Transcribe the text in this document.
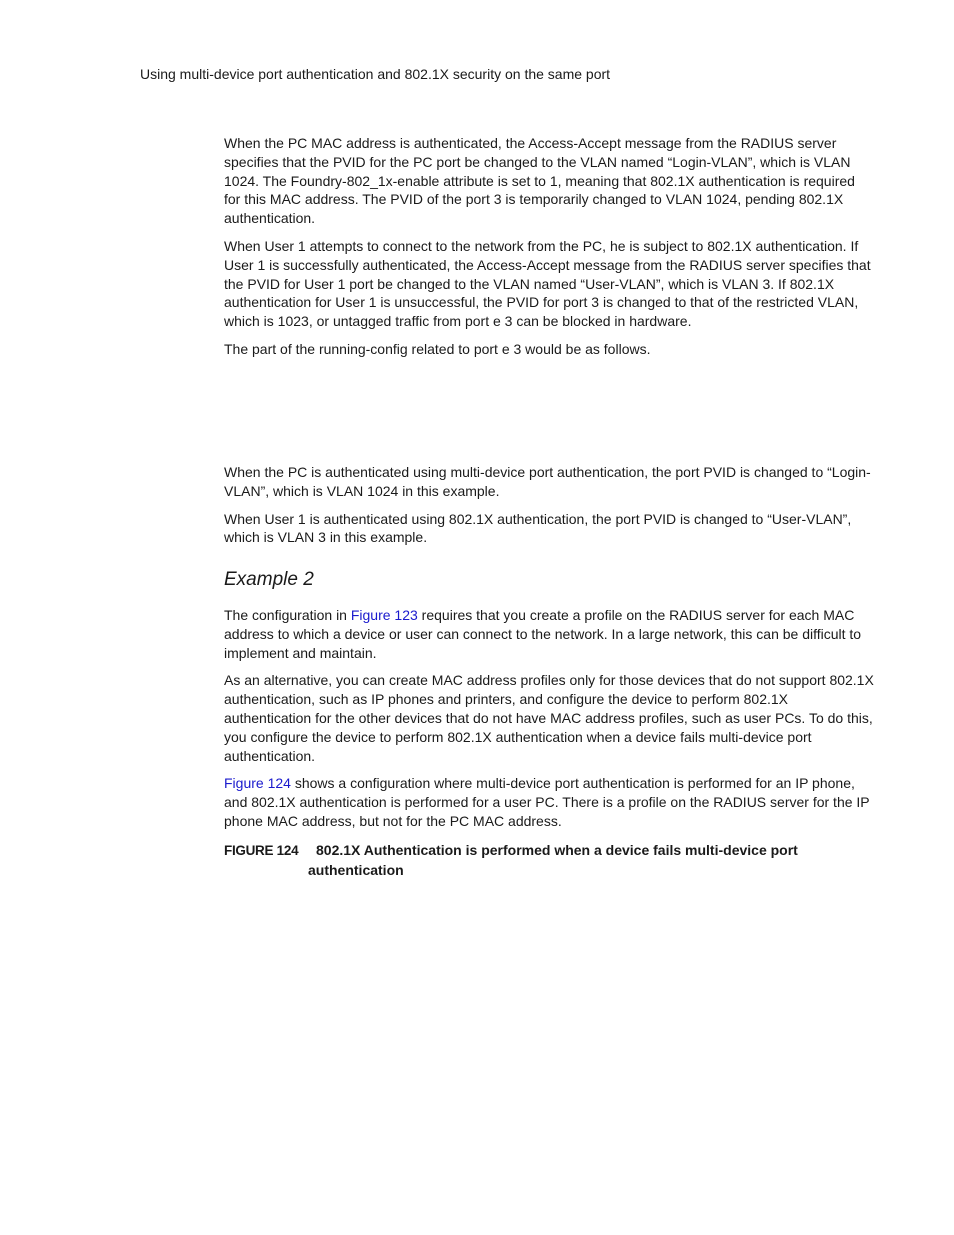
Using multi-device port authentication and 802.1X security on the same port

When the PC MAC address is authenticated, the Access-Accept message from the RADIUS server specifies that the PVID for the PC port be changed to the VLAN named “Login-VLAN”, which is VLAN 1024. The Foundry-802_1x-enable attribute is set to 1, meaning that 802.1X authentication is required for this MAC address. The PVID of the port 3 is temporarily changed to VLAN 1024, pending 802.1X authentication.

When User 1 attempts to connect to the network from the PC, he is subject to 802.1X authentication. If User 1 is successfully authenticated, the Access-Accept message from the RADIUS server specifies that the PVID for User 1 port be changed to the VLAN named “User-VLAN”, which is VLAN 3. If 802.1X authentication for User 1 is unsuccessful, the PVID for port 3 is changed to that of the restricted VLAN, which is 1023, or untagged traffic from port e 3 can be blocked in hardware.

The part of the running-config related to port e 3 would be as follows.

When the PC is authenticated using multi-device port authentication, the port PVID is changed to “Login-VLAN”, which is VLAN 1024 in this example.

When User 1 is authenticated using 802.1X authentication, the port PVID is changed to “User-VLAN”, which is VLAN 3 in this example.

Example 2

The configuration in Figure 123 requires that you create a profile on the RADIUS server for each MAC address to which a device or user can connect to the network. In a large network, this can be difficult to implement and maintain.

As an alternative, you can create MAC address profiles only for those devices that do not support 802.1X authentication, such as IP phones and printers, and configure the device to perform 802.1X authentication for the other devices that do not have MAC address profiles, such as user PCs. To do this, you configure the device to perform 802.1X authentication when a device fails multi-device port authentication.

Figure 124 shows a configuration where multi-device port authentication is performed for an IP phone, and 802.1X authentication is performed for a user PC. There is a profile on the RADIUS server for the IP phone MAC address, but not for the PC MAC address.

FIGURE 124 802.1X Authentication is performed when a device fails multi-device port
authentication
